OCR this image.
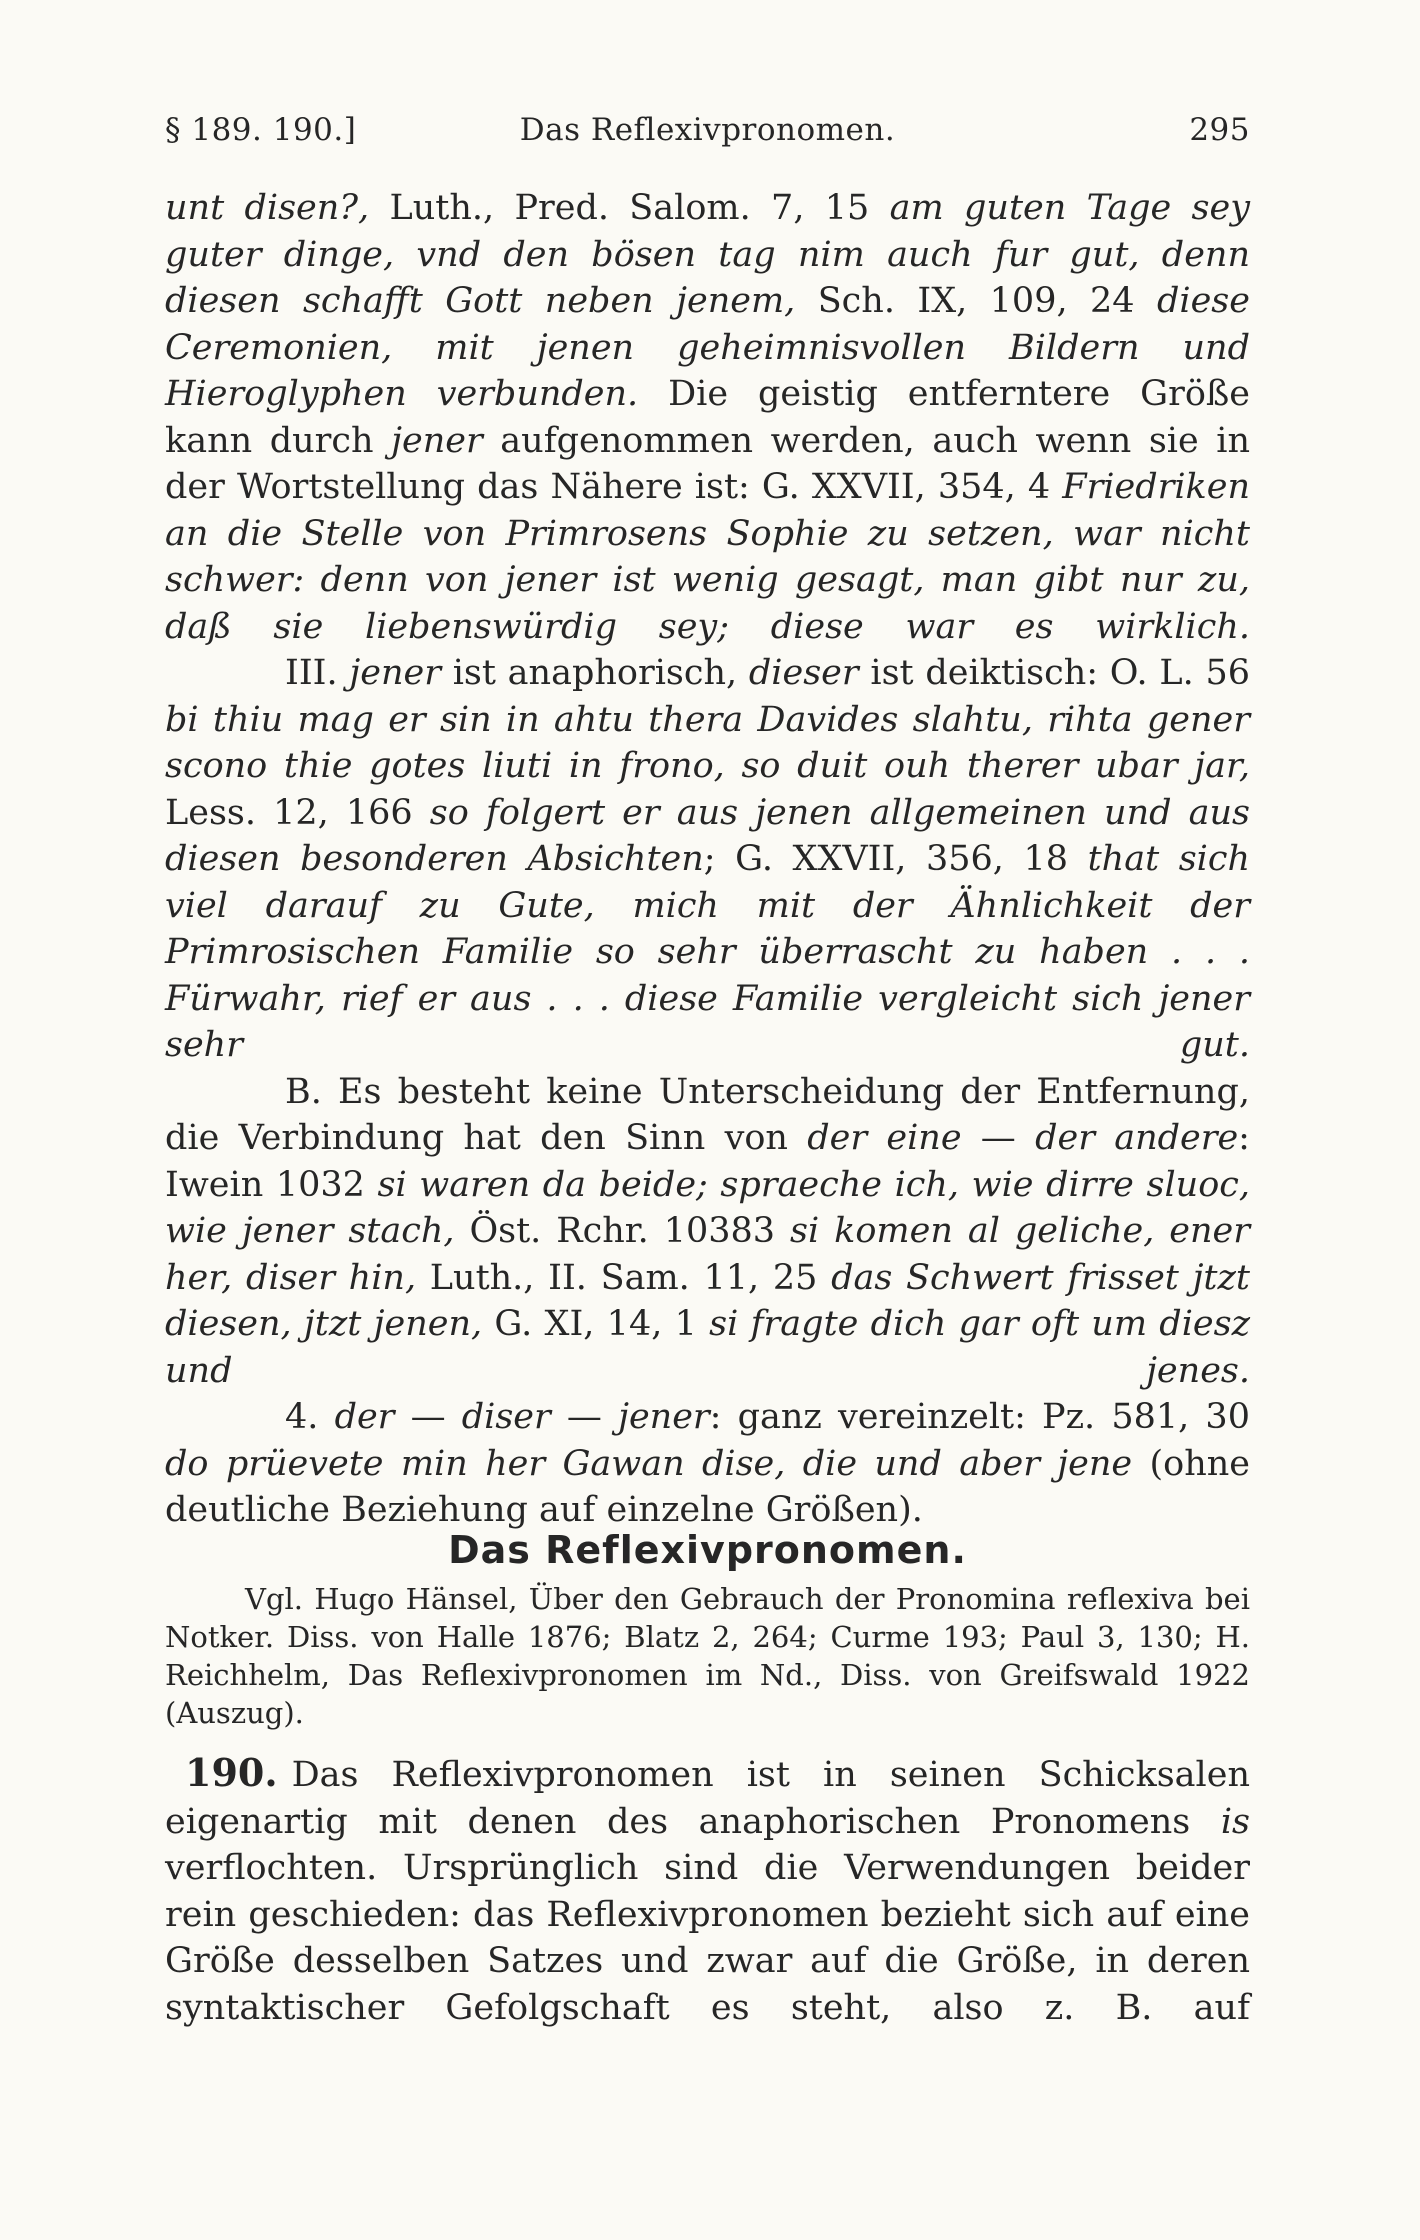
§ 189. 190.]	Das Reflexivpronomen.	295

unt disen?, Luth., Pred. Salom. 7, 15 am guten Tage sey guter dinge, vnd den bösen tag nim auch fur gut, denn diesen schafft Gott neben jenem, Sch. IX, 109, 24 diese Ceremonien, mit jenen geheimnisvollen Bildern und Hieroglyphen verbunden. Die geistig entferntere Größe kann durch jener aufgenommen werden, auch wenn sie in der Wortstellung das Nähere ist: G. XXVII, 354, 4 Friedriken an die Stelle von Primrosens Sophie zu setzen, war nicht schwer: denn von jener ist wenig gesagt, man gibt nur zu, daß sie liebenswürdig sey; diese war es wirklich.

III. jener ist anaphorisch, dieser ist deiktisch: O. L. 56 bi thiu mag er sin in ahtu thera Davides slahtu, rihta gener scono thie gotes liuti in frono, so duit ouh therer ubar jar, Less. 12, 166 so folgert er aus jenen allgemeinen und aus diesen besonderen Absichten; G. XXVII, 356, 18 that sich viel darauf zu Gute, mich mit der Ähnlichkeit der Primrosischen Familie so sehr überrascht zu haben . . . Fürwahr, rief er aus . . . diese Familie vergleicht sich jener sehr gut.

B. Es besteht keine Unterscheidung der Entfernung, die Verbindung hat den Sinn von der eine — der andere: Iwein 1032 si waren da beide; spraeche ich, wie dirre sluoc, wie jener stach, Öst. Rchr. 10383 si komen al geliche, ener her, diser hin, Luth., II. Sam. 11, 25 das Schwert frisset jtzt diesen, jtzt jenen, G. XI, 14, 1 si fragte dich gar oft um diesz und jenes.

4. der — diser — jener: ganz vereinzelt: Pz. 581, 30 do prüevete min her Gawan dise, die und aber jene (ohne deutliche Beziehung auf einzelne Größen).

Das Reflexivpronomen.

Vgl. Hugo Hänsel, Über den Gebrauch der Pronomina reflexiva bei Notker. Diss. von Halle 1876; Blatz 2, 264; Curme 193; Paul 3, 130; H. Reichhelm, Das Reflexivpronomen im Nd., Diss. von Greifswald 1922 (Auszug).

190. Das Reflexivpronomen ist in seinen Schicksalen eigenartig mit denen des anaphorischen Pronomens is verflochten. Ursprünglich sind die Verwendungen beider rein geschieden: das Reflexivpronomen bezieht sich auf eine Größe desselben Satzes und zwar auf die Größe, in deren syntaktischer Gefolgschaft es steht, also z. B. auf
